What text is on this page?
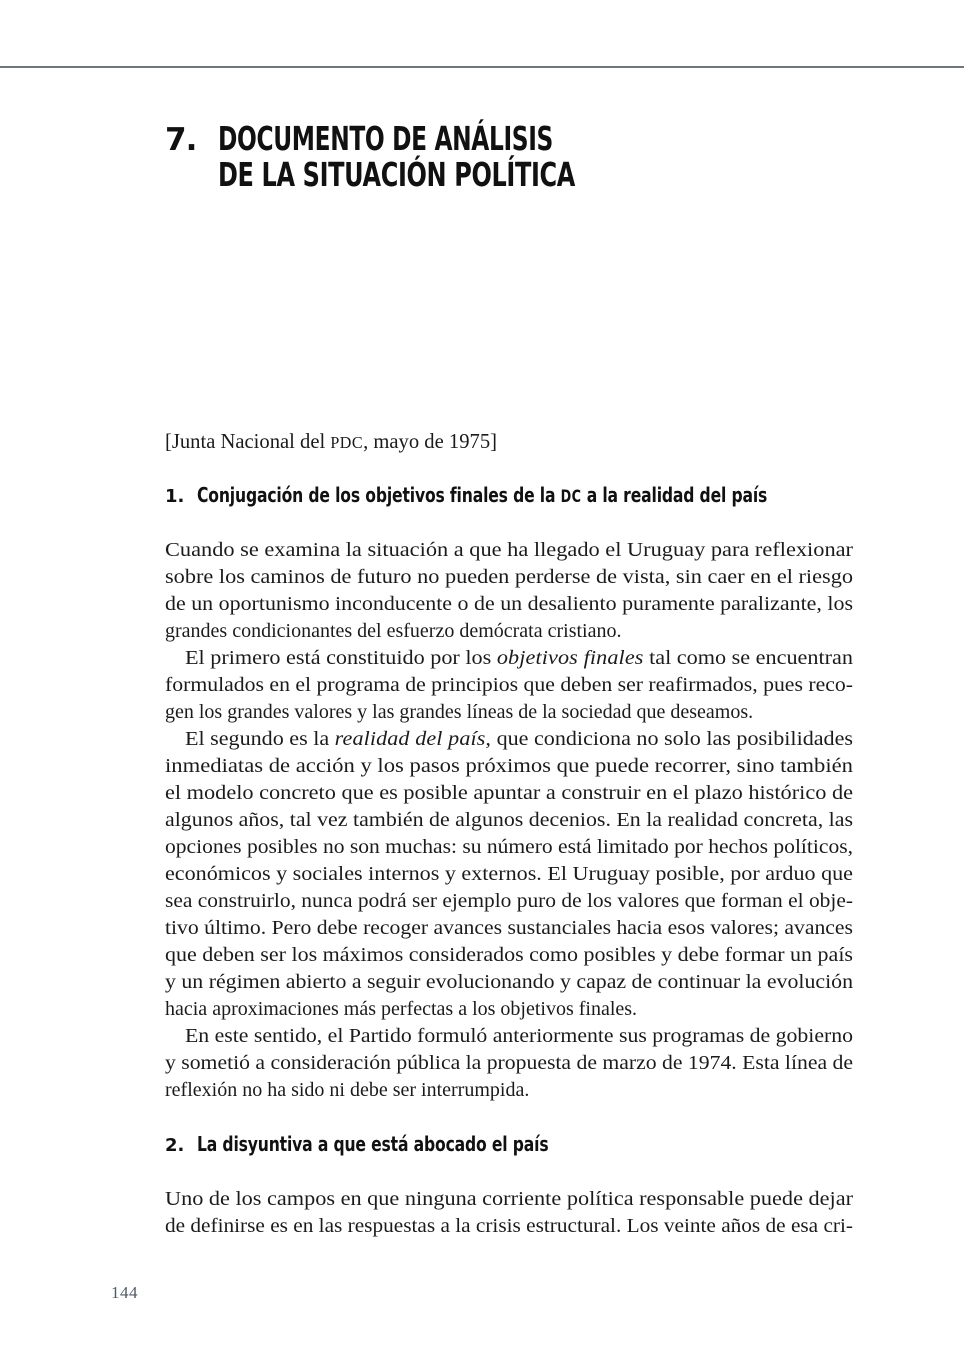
7. DOCUMENTO DE ANÁLISIS
DE LA SITUACIÓN POLÍTICA
[Junta Nacional del PDC, mayo de 1975]
1. Conjugación de los objetivos finales de la DC a la realidad del país
Cuando se examina la situación a que ha llegado el Uruguay para reflexionar
sobre los caminos de futuro no pueden perderse de vista, sin caer en el riesgo
de un oportunismo inconducente o de un desaliento puramente paralizante, los
grandes condicionantes del esfuerzo demócrata cristiano.
El primero está constituido por los objetivos finales tal como se encuentran
formulados en el programa de principios que deben ser reafirmados, pues reco-
gen los grandes valores y las grandes líneas de la sociedad que deseamos.
El segundo es la realidad del país, que condiciona no solo las posibilidades
inmediatas de acción y los pasos próximos que puede recorrer, sino también
el modelo concreto que es posible apuntar a construir en el plazo histórico de
algunos años, tal vez también de algunos decenios. En la realidad concreta, las
opciones posibles no son muchas: su número está limitado por hechos políticos,
económicos y sociales internos y externos. El Uruguay posible, por arduo que
sea construirlo, nunca podrá ser ejemplo puro de los valores que forman el obje-
tivo último. Pero debe recoger avances sustanciales hacia esos valores; avances
que deben ser los máximos considerados como posibles y debe formar un país
y un régimen abierto a seguir evolucionando y capaz de continuar la evolución
hacia aproximaciones más perfectas a los objetivos finales.
En este sentido, el Partido formuló anteriormente sus programas de gobierno
y sometió a consideración pública la propuesta de marzo de 1974. Esta línea de
reflexión no ha sido ni debe ser interrumpida.
2. La disyuntiva a que está abocado el país
Uno de los campos en que ninguna corriente política responsable puede dejar
de definirse es en las respuestas a la crisis estructural. Los veinte años de esa cri-
144
